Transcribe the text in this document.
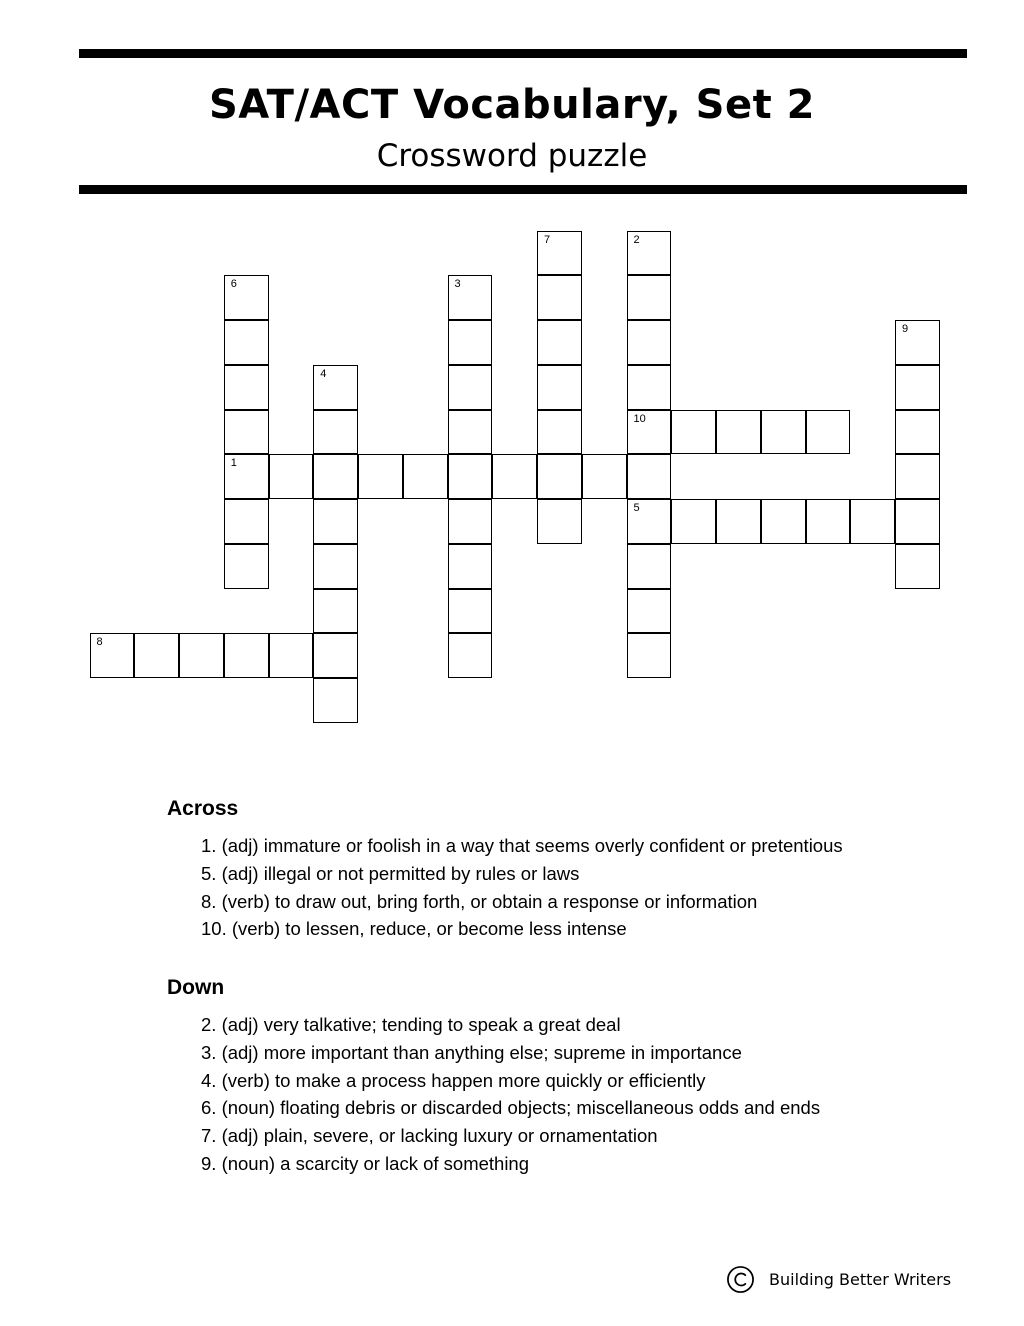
SAT/ACT Vocabulary, Set 2
Crossword puzzle
1
5
8
10
2
3
4
6
7
9
Across
1. (adj) immature or foolish in a way that seems overly confident or pretentious
5. (adj) illegal or not permitted by rules or laws
8. (verb) to draw out, bring forth, or obtain a response or information
10. (verb) to lessen, reduce, or become less intense
Down
2. (adj) very talkative; tending to speak a great deal
3. (adj) more important than anything else; supreme in importance
4. (verb) to make a process happen more quickly or efficiently
6. (noun) floating debris or discarded objects; miscellaneous odds and ends
7. (adj) plain, severe, or lacking luxury or ornamentation
9. (noun) a scarcity or lack of something
Building Better Writers
